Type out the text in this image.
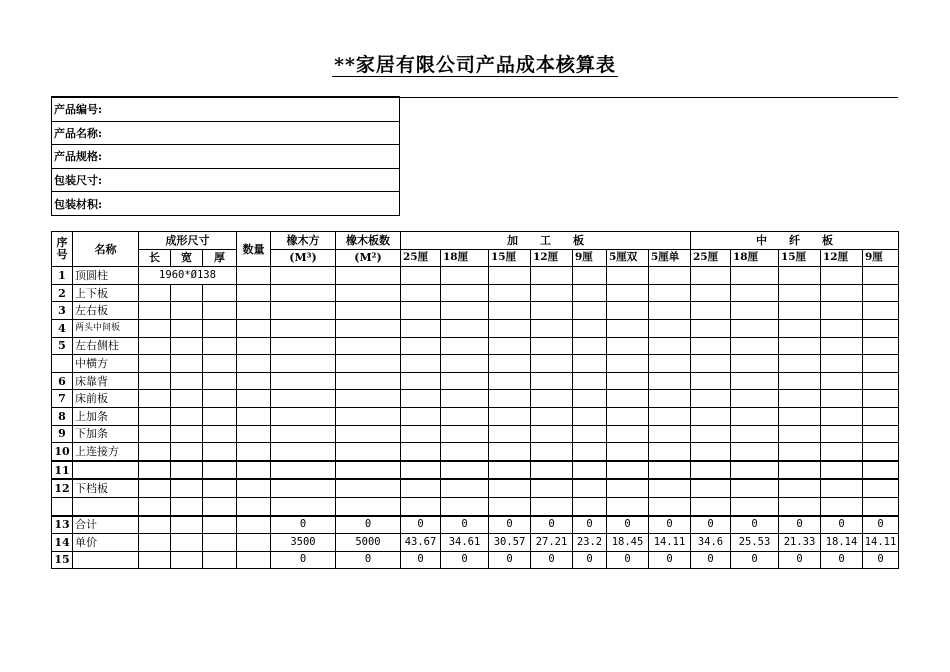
**家居有限公司产品成本核算表
产品编号:
产品名称:
产品规格:
包装尺寸:
包装材积:
序号	名称	成形尺寸			数量	橡木方	橡木板数	加　　工　　板							中　　纤　　板				
		长	宽	厚		(M³)	(M²)	25厘	18厘	15厘	12厘	9厘	5厘双	5厘单	25厘	18厘	15厘	12厘	9厘
1	顶圆柱	1960*Ø138																	
2	上下板																		
3	左右板																		
4	两头中间板																		
5	左右侧柱																		
	中横方																		
6	床靠背																		
7	床前板																		
8	上加条																		
9	下加条																		
10	上连接方																		
11																			
12	下档板																		

13	合计					0	0	0	0	0	0	0	0	0	0	0	0	0	0
14	单价					3500	5000	43.67	34.61	30.57	27.21	23.2	18.45	14.11	34.6	25.53	21.33	18.14	14.11
15						0	0	0	0	0	0	0	0	0	0	0	0	0	0
